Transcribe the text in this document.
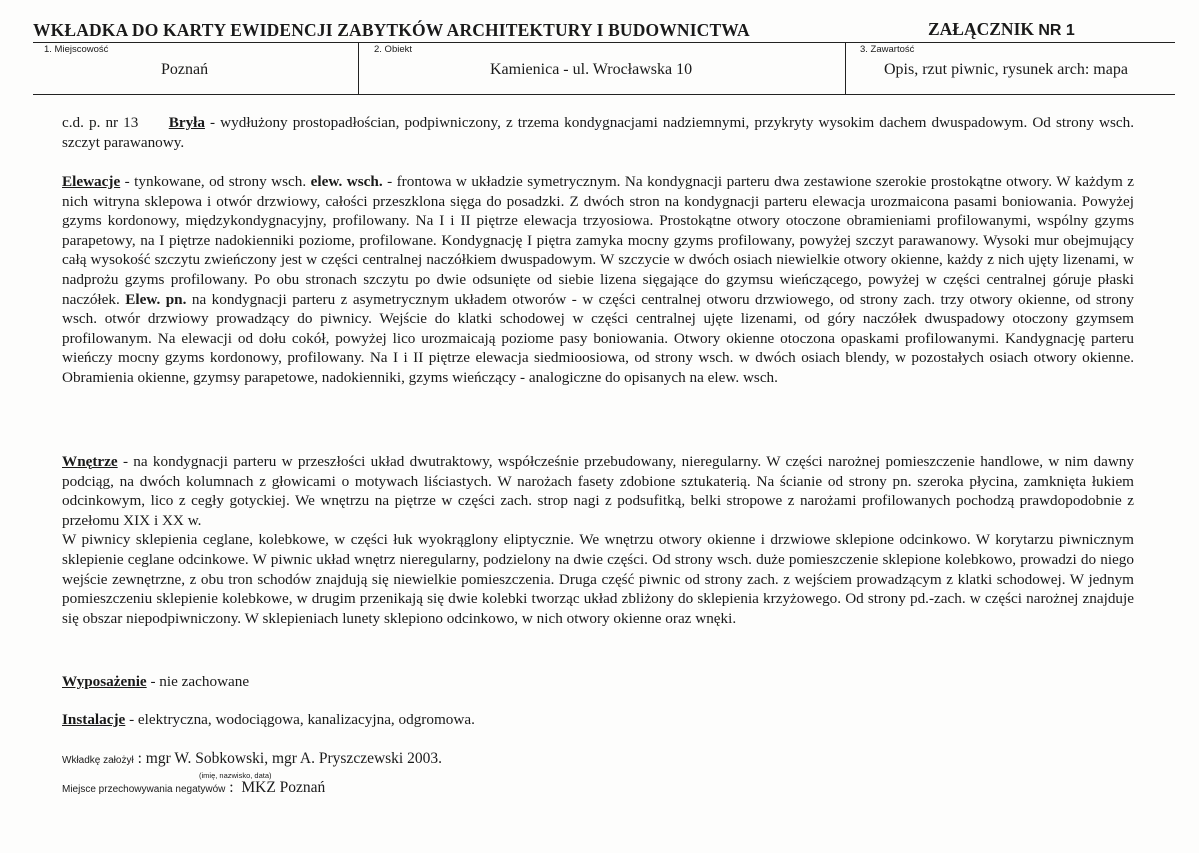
WKŁADKA DO KARTY EWIDENCJI ZABYTKÓW ARCHITEKTURY I BUDOWNICTWA	ZAŁĄCZNIK NR 1
1. Miejscowość
Poznań
2. Obiekt
Kamienica - ul. Wrocławska 10
3. Zawartość
Opis, rzut piwnic, rysunek arch: mapa

c.d. p. nr 13 Bryła - wydłużony prostopadłościan, podpiwniczony, z trzema kondygnacjami nadziemnymi, przykryty wysokim dachem dwuspadowym. Od strony wsch. szczyt parawanowy.

Elewacje - tynkowane, od strony wsch. elew. wsch. - frontowa w układzie symetrycznym. Na kondygnacji parteru dwa zestawione szerokie prostokątne otwory. W każdym z nich witryna sklepowa i otwór drzwiowy, całości przeszklona sięga do posadzki. Z dwóch stron na kondygnacji parteru elewacja urozmaicona pasami boniowania. Powyżej gzyms kordonowy, międzykondygnacyjny, profilowany. Na I i II piętrze elewacja trzyosiowa. Prostokątne otwory otoczone obramieniami profilowanymi, wspólny gzyms parapetowy, na I piętrze nadokienniki poziome, profilowane. Kondygnację I piętra zamyka mocny gzyms profilowany, powyżej szczyt parawanowy. Wysoki mur obejmujący całą wysokość szczytu zwieńczony jest w części centralnej naczółkiem dwuspadowym. W szczycie w dwóch osiach niewielkie otwory okienne, każdy z nich ujęty lizenami, w nadprożu gzyms profilowany. Po obu stronach szczytu po dwie odsunięte od siebie lizena sięgające do gzymsu wieńczącego, powyżej w części centralnej góruje płaski naczółek. Elew. pn. na kondygnacji parteru z asymetrycznym układem otworów - w części centralnej otworu drzwiowego, od strony zach. trzy otwory okienne, od strony wsch. otwór drzwiowy prowadzący do piwnicy. Wejście do klatki schodowej w części centralnej ujęte lizenami, od góry naczółek dwuspadowy otoczony gzymsem profilowanym. Na elewacji od dołu cokół, powyżej lico urozmaicają poziome pasy boniowania. Otwory okienne otoczona opaskami profilowanymi. Kandygnację parteru wieńczy mocny gzyms kordonowy, profilowany. Na I i II piętrze elewacja siedmioosiowa, od strony wsch. w dwóch osiach blendy, w pozostałych osiach otwory okienne. Obramienia okienne, gzymsy parapetowe, nadokienniki, gzyms wieńczący - analogiczne do opisanych na elew. wsch.

Wnętrze - na kondygnacji parteru w przeszłości układ dwutraktowy, współcześnie przebudowany, nieregularny. W części narożnej pomieszczenie handlowe, w nim dawny podciąg, na dwóch kolumnach z głowicami o motywach liściastych. W narożach fasety zdobione sztukaterią. Na ścianie od strony pn. szeroka płycina, zamknięta łukiem odcinkowym, lico z cegły gotyckiej. We wnętrzu na piętrze w części zach. strop nagi z podsufitką, belki stropowe z narożami profilowanych pochodzą prawdopodobnie z przełomu XIX i XX w.

W piwnicy sklepienia ceglane, kolebkowe, w części łuk wyokrąglony eliptycznie. We wnętrzu otwory okienne i drzwiowe sklepione odcinkowo. W korytarzu piwnicznym sklepienie ceglane odcinkowe. W piwnic układ wnętrz nieregularny, podzielony na dwie części. Od strony wsch. duże pomieszczenie sklepione kolebkowo, prowadzi do niego wejście zewnętrzne, z obu tron schodów znajdują się niewielkie pomieszczenia. Druga część piwnic od strony zach. z wejściem prowadzącym z klatki schodowej. W jednym pomieszczeniu sklepienie kolebkowe, w drugim przenikają się dwie kolebki tworząc układ zbliżony do sklepienia krzyżowego. Od strony pd.-zach. w części narożnej znajduje się obszar niepodpiwniczony. W sklepieniach lunety sklepiono odcinkowo, w nich otwory okienne oraz wnęki.

Wyposażenie - nie zachowane

Instalacje - elektryczna, wodociągowa, kanalizacyjna, odgromowa.

Wkładkę założył : mgr W. Sobkowski, mgr A. Pryszczewski 2003.
(imię, nazwisko, data)
Miejsce przechowywania negatywów :  MKZ Poznań
